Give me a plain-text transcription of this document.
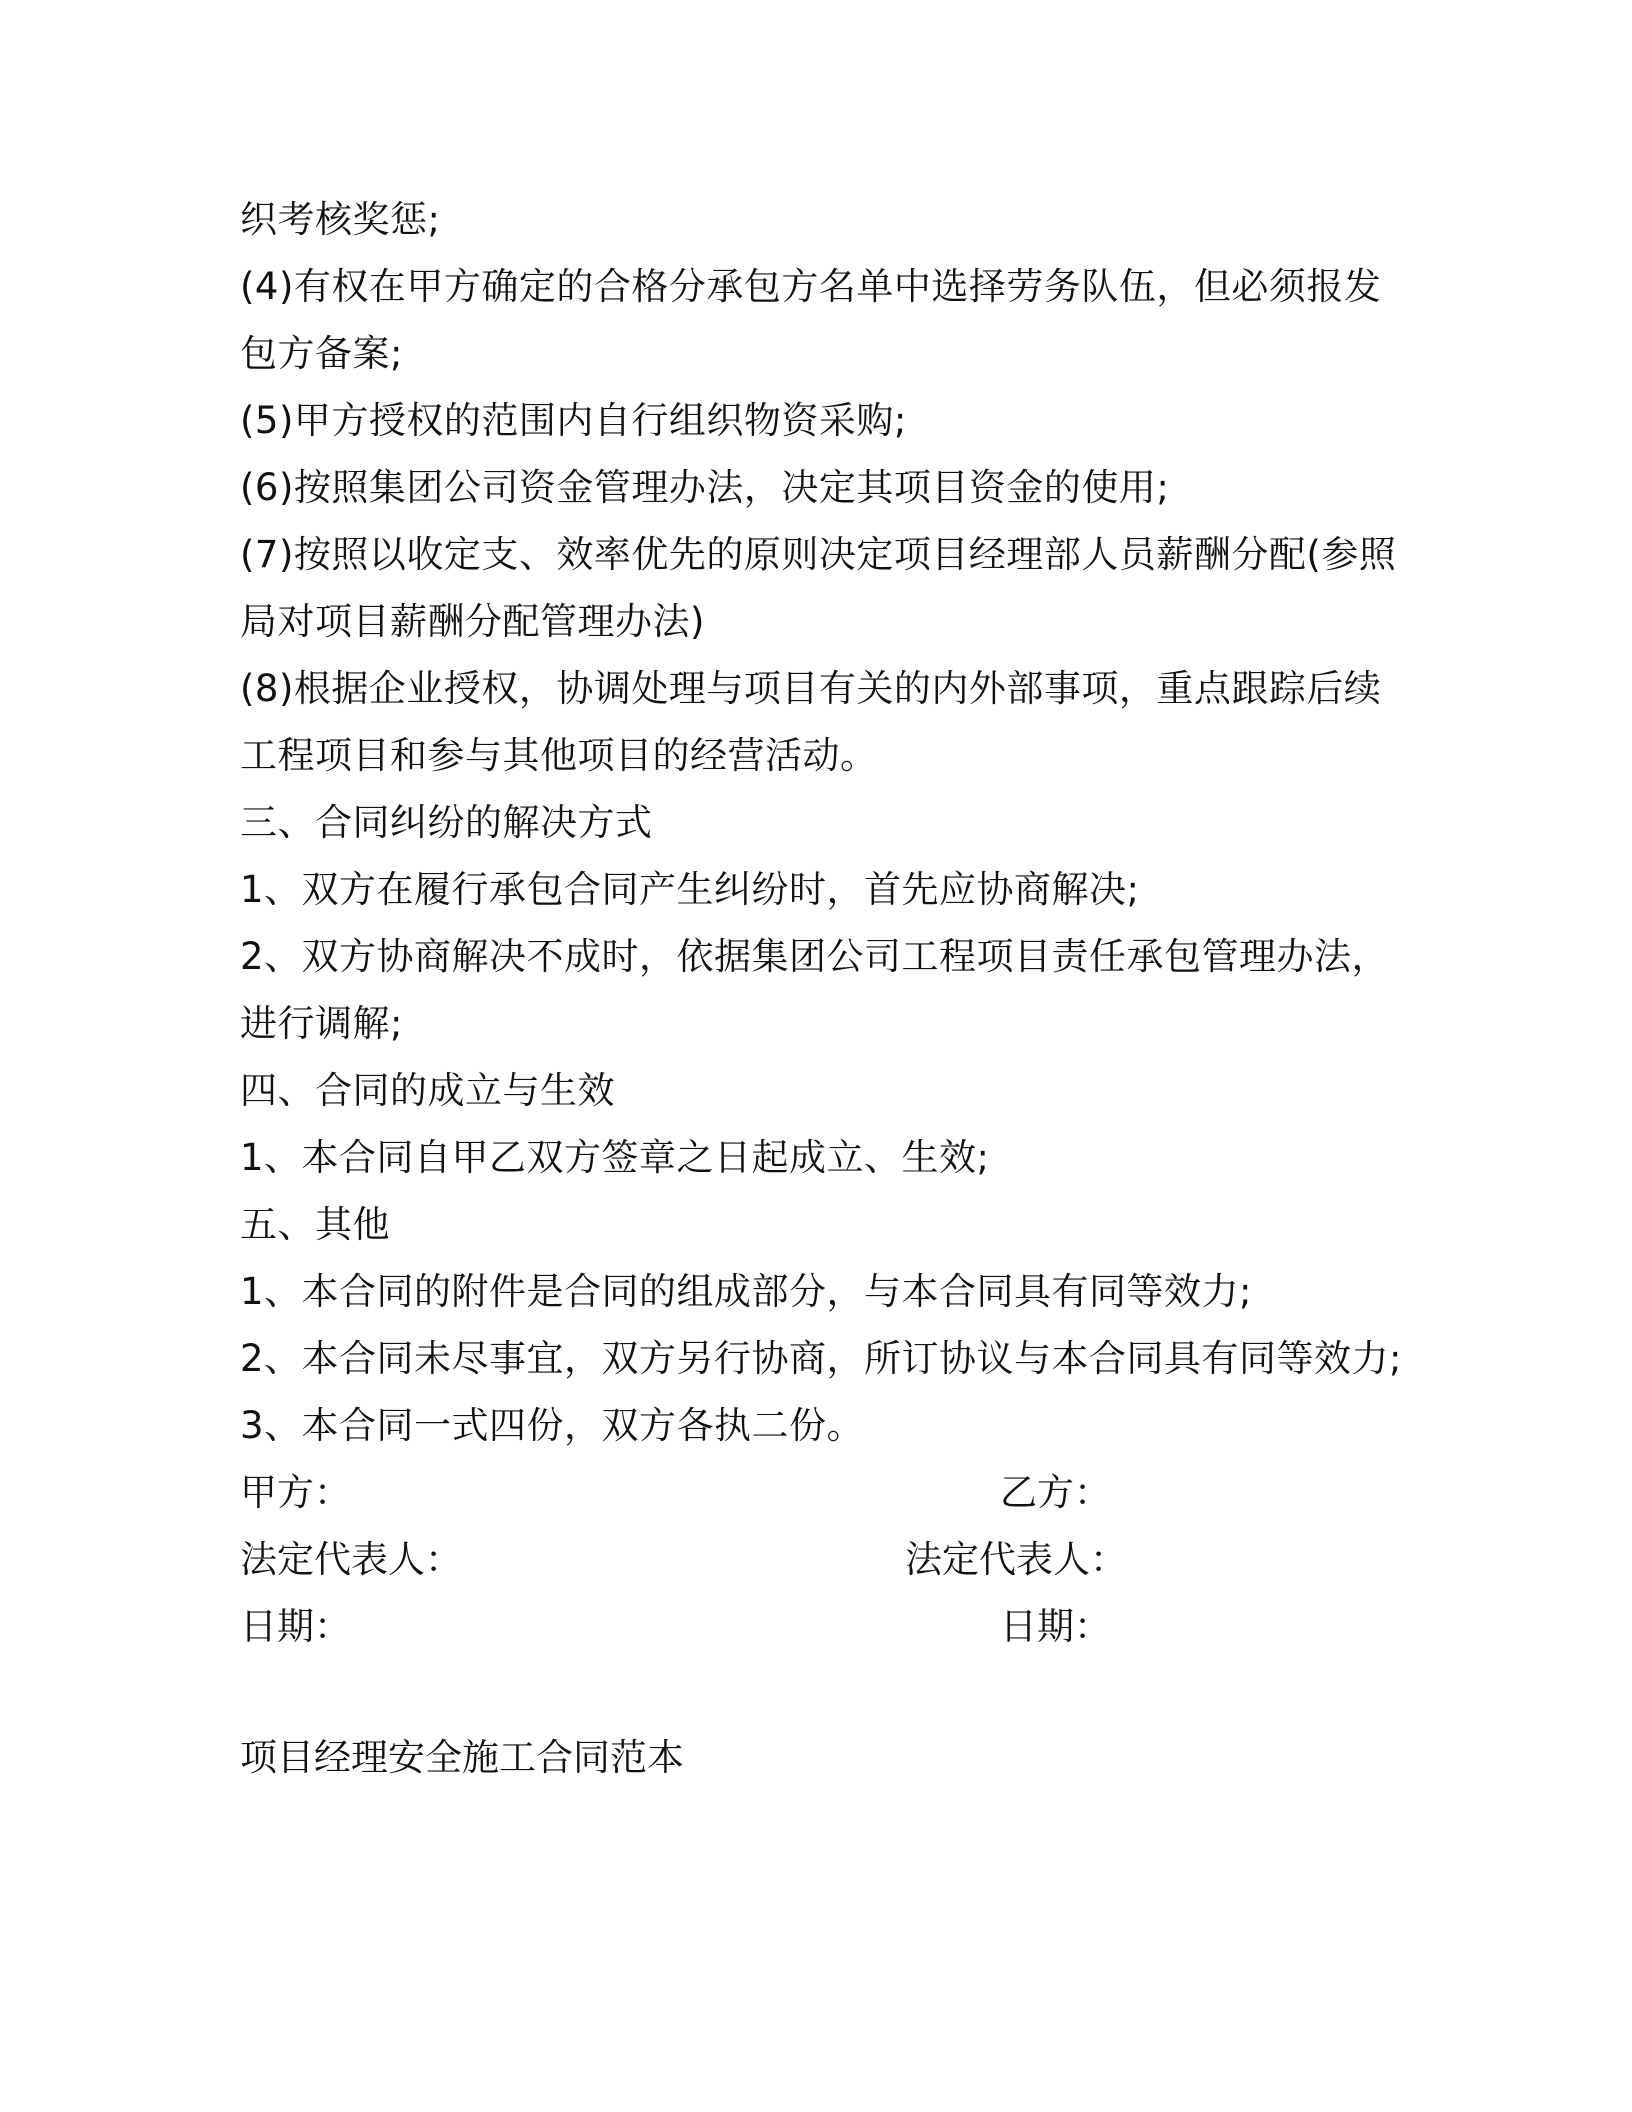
织考核奖惩;
(4)有权在甲方确定的合格分承包方名单中选择劳务队伍，但必须报发
包方备案;
(5)甲方授权的范围内自行组织物资采购;
(6)按照集团公司资金管理办法，决定其项目资金的使用;
(7)按照以收定支、效率优先的原则决定项目经理部人员薪酬分配(参照
局对项目薪酬分配管理办法)
(8)根据企业授权，协调处理与项目有关的内外部事项，重点跟踪后续
工程项目和参与其他项目的经营活动。
三、合同纠纷的解决方式
1、双方在履行承包合同产生纠纷时，首先应协商解决;
2、双方协商解决不成时，依据集团公司工程项目责任承包管理办法，
进行调解;
四、合同的成立与生效
1、本合同自甲乙双方签章之日起成立、生效;
五、其他
1、本合同的附件是合同的组成部分，与本合同具有同等效力;
2、本合同未尽事宜，双方另行协商，所订协议与本合同具有同等效力;
3、本合同一式四份，双方各执二份。
甲方：	乙方：
法定代表人：	法定代表人：
日期：	日期：
项目经理安全施工合同范本
